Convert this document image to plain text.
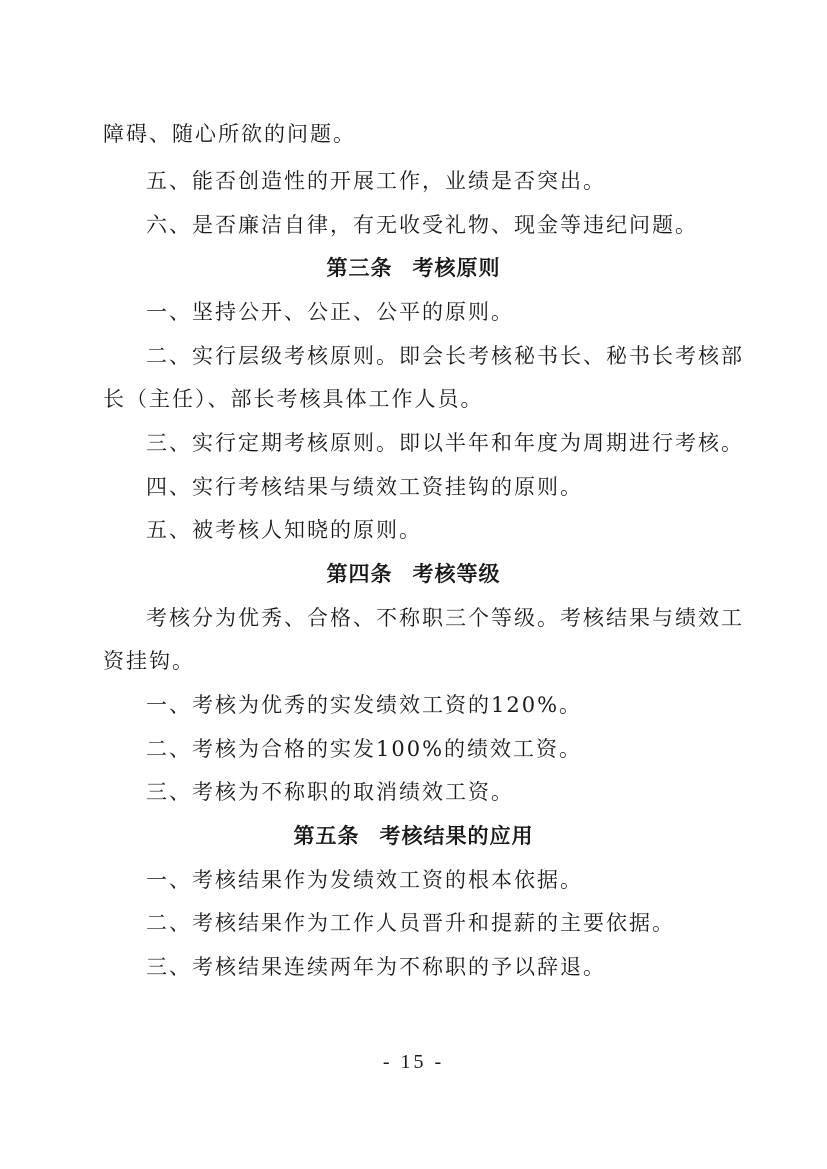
障碍、随心所欲的问题。
五、能否创造性的开展工作，业绩是否突出。
六、是否廉洁自律，有无收受礼物、现金等违纪问题。
第三条 考核原则
一、坚持公开、公正、公平的原则。
二、实行层级考核原则。即会长考核秘书长、秘书长考核部
长（主任）、部长考核具体工作人员。
三、实行定期考核原则。即以半年和年度为周期进行考核。
四、实行考核结果与绩效工资挂钩的原则。
五、被考核人知晓的原则。
第四条 考核等级
考核分为优秀、合格、不称职三个等级。考核结果与绩效工
资挂钩。
一、考核为优秀的实发绩效工资的120%。
二、考核为合格的实发100%的绩效工资。
三、考核为不称职的取消绩效工资。
第五条 考核结果的应用
一、考核结果作为发绩效工资的根本依据。
二、考核结果作为工作人员晋升和提薪的主要依据。
三、考核结果连续两年为不称职的予以辞退。
- 15 -
